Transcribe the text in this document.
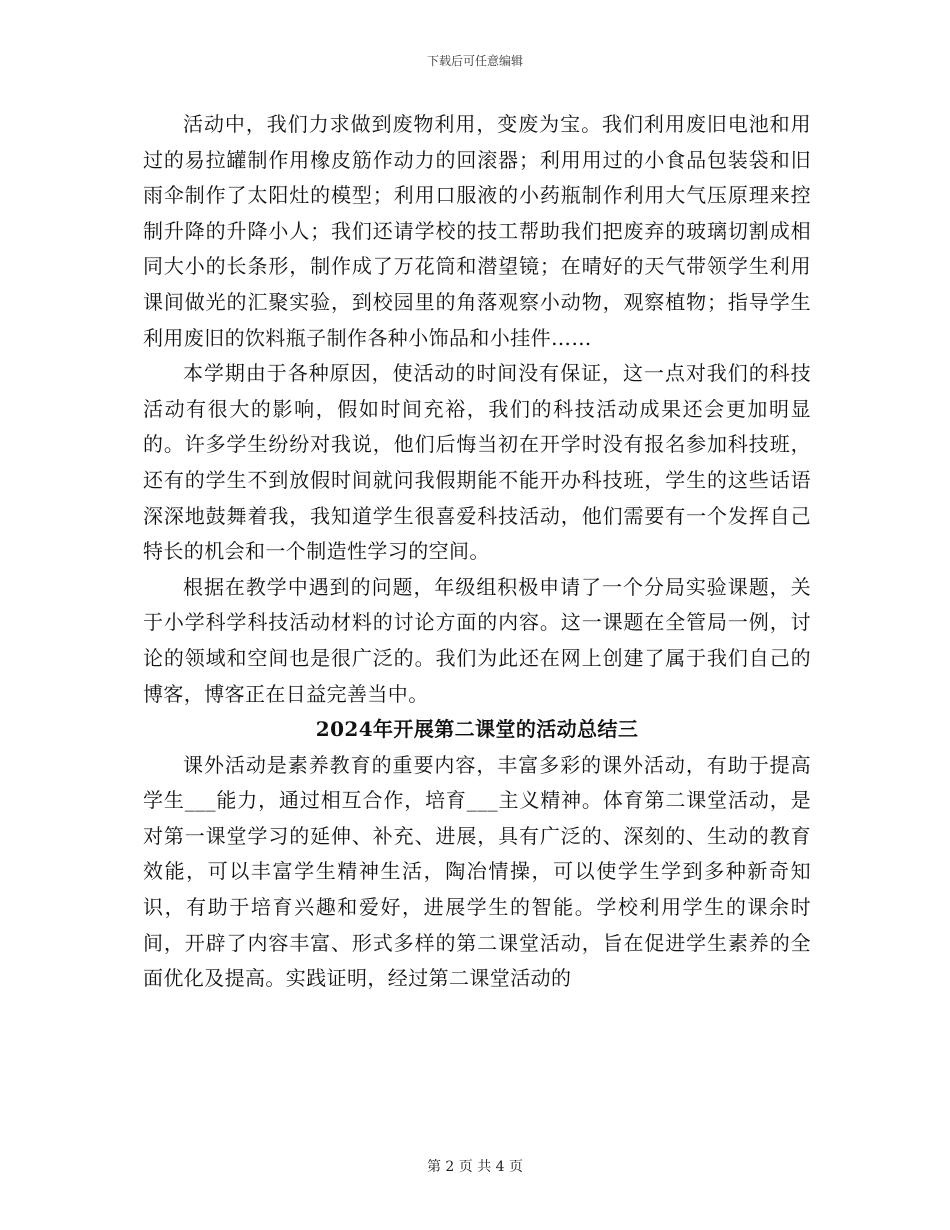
下载后可任意编辑

活动中，我们力求做到废物利用，变废为宝。我们利用废旧电池和用过的易拉罐制作用橡皮筋作动力的回滚器；利用用过的小食品包装袋和旧雨伞制作了太阳灶的模型；利用口服液的小药瓶制作利用大气压原理来控制升降的升降小人；我们还请学校的技工帮助我们把废弃的玻璃切割成相同大小的长条形，制作成了万花筒和潜望镜；在晴好的天气带领学生利用课间做光的汇聚实验，到校园里的角落观察小动物，观察植物；指导学生利用废旧的饮料瓶子制作各种小饰品和小挂件……

本学期由于各种原因，使活动的时间没有保证，这一点对我们的科技活动有很大的影响，假如时间充裕，我们的科技活动成果还会更加明显的。许多学生纷纷对我说，他们后悔当初在开学时没有报名参加科技班，还有的学生不到放假时间就问我假期能不能开办科技班，学生的这些话语深深地鼓舞着我，我知道学生很喜爱科技活动，他们需要有一个发挥自己特长的机会和一个制造性学习的空间。

根据在教学中遇到的问题，年级组积极申请了一个分局实验课题，关于小学科学科技活动材料的讨论方面的内容。这一课题在全管局一例，讨论的领域和空间也是很广泛的。我们为此还在网上创建了属于我们自己的博客，博客正在日益完善当中。

2024年开展第二课堂的活动总结三

课外活动是素养教育的重要内容，丰富多彩的课外活动，有助于提高学生___能力，通过相互合作，培育___主义精神。体育第二课堂活动，是对第一课堂学习的延伸、补充、进展，具有广泛的、深刻的、生动的教育效能，可以丰富学生精神生活，陶冶情操，可以使学生学到多种新奇知识，有助于培育兴趣和爱好，进展学生的智能。学校利用学生的课余时间，开辟了内容丰富、形式多样的第二课堂活动，旨在促进学生素养的全面优化及提高。实践证明，经过第二课堂活动的

第 2 页 共 4 页
